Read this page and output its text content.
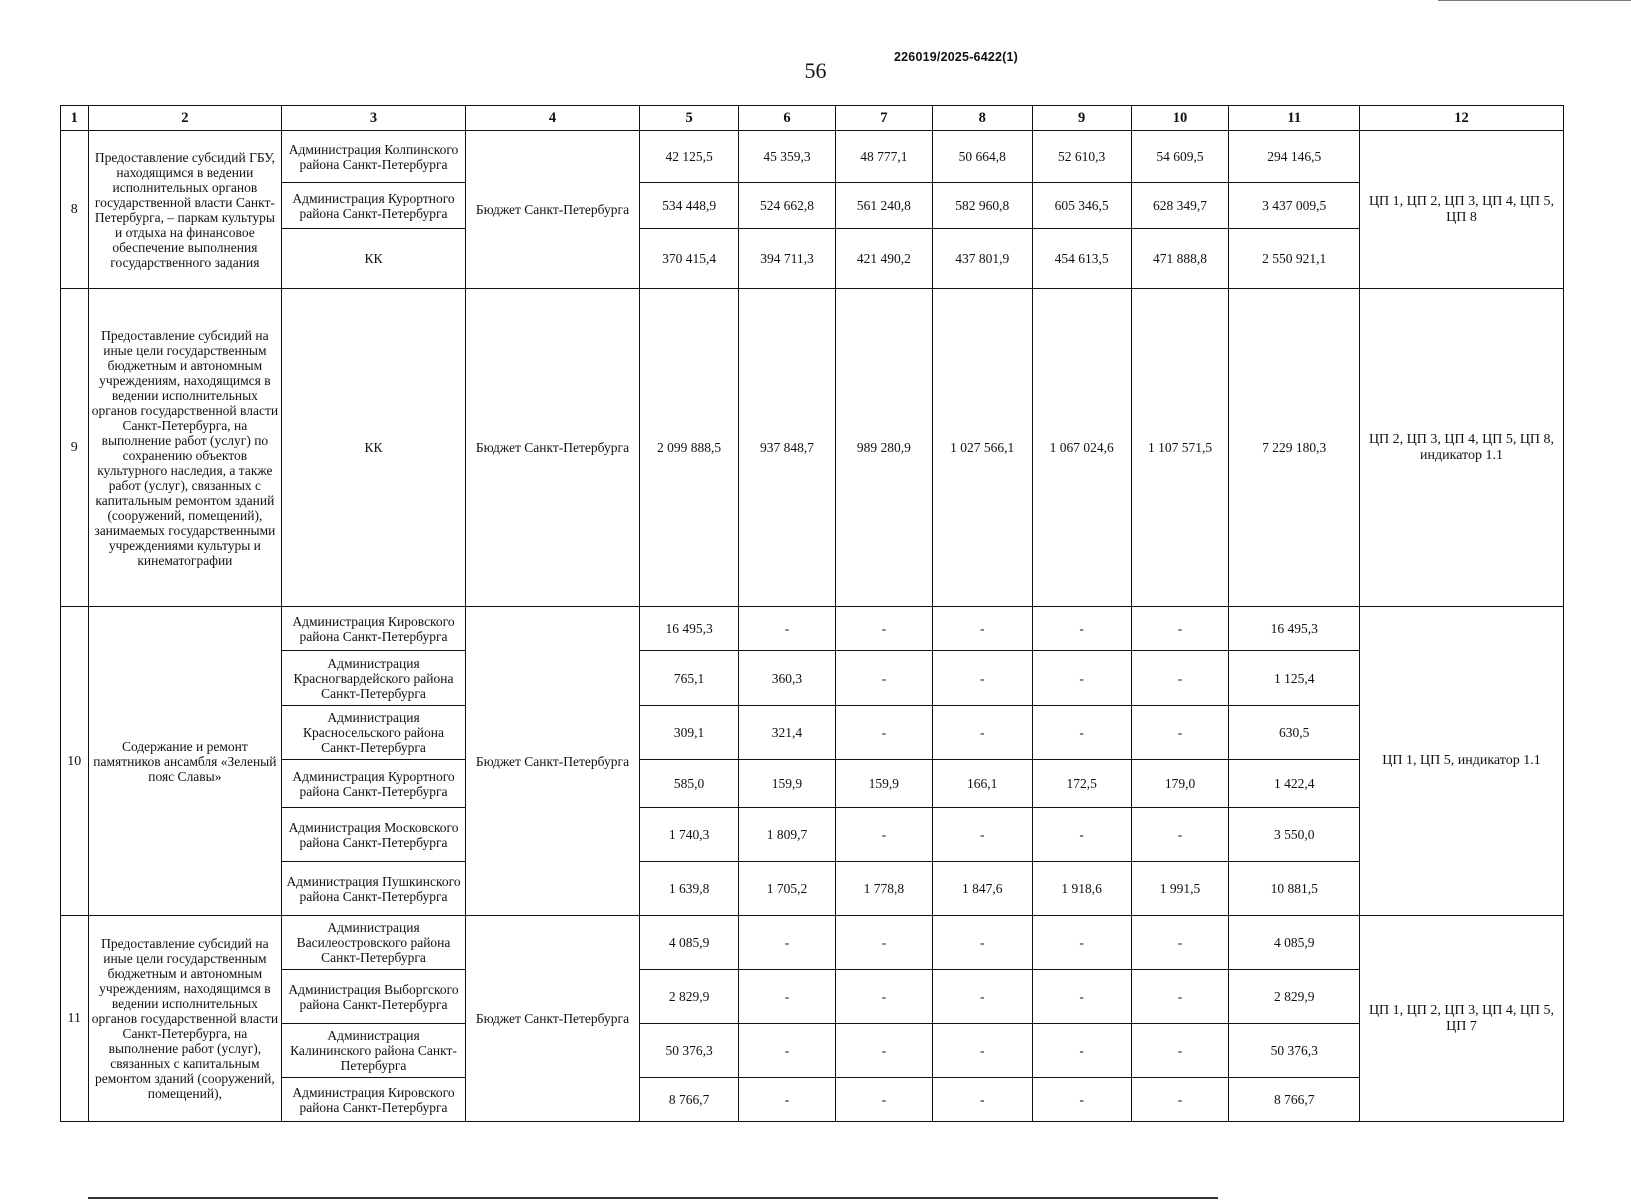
226019/2025-6422(1)
56
1	2	3	4	5	6	7	8	9	10	11	12
8	Предоставление субсидий ГБУ, находящимся в ведении исполнительных органов государственной власти Санкт-Петербурга, – паркам культуры и отдыха на финансовое обеспечение выполнения государственного задания	Администрация Колпинского района Санкт-Петербурга	Бюджет Санкт-Петербурга	42 125,5	45 359,3	48 777,1	50 664,8	52 610,3	54 609,5	294 146,5	ЦП 1, ЦП 2, ЦП 3, ЦП 4, ЦП 5, ЦП 8
		Администрация Курортного района Санкт-Петербурга		534 448,9	524 662,8	561 240,8	582 960,8	605 346,5	628 349,7	3 437 009,5	
		КК		370 415,4	394 711,3	421 490,2	437 801,9	454 613,5	471 888,8	2 550 921,1	
9	Предоставление субсидий на иные цели государственным бюджетным и автономным учреждениям, находящимся в ведении исполнительных органов государственной власти Санкт-Петербурга, на выполнение работ (услуг) по сохранению объектов культурного наследия, а также работ (услуг), связанных с капитальным ремонтом зданий (сооружений, помещений), занимаемых государственными учреждениями культуры и кинематографии	КК	Бюджет Санкт-Петербурга	2 099 888,5	937 848,7	989 280,9	1 027 566,1	1 067 024,6	1 107 571,5	7 229 180,3	ЦП 2, ЦП 3, ЦП 4, ЦП 5, ЦП 8, индикатор 1.1
10	Содержание и ремонт памятников ансамбля «Зеленый пояс Славы»	Администрация Кировского района Санкт-Петербурга	Бюджет Санкт-Петербурга	16 495,3	-	-	-	-	-	16 495,3	ЦП 1, ЦП 5, индикатор 1.1
		Администрация Красногвардейского района Санкт-Петербурга		765,1	360,3	-	-	-	-	1 125,4	
		Администрация Красносельского района Санкт-Петербурга		309,1	321,4	-	-	-	-	630,5	
		Администрация Курортного района Санкт-Петербурга		585,0	159,9	159,9	166,1	172,5	179,0	1 422,4	
		Администрация Московского района Санкт-Петербурга		1 740,3	1 809,7	-	-	-	-	3 550,0	
		Администрация Пушкинского района Санкт-Петербурга		1 639,8	1 705,2	1 778,8	1 847,6	1 918,6	1 991,5	10 881,5	
11	Предоставление субсидий на иные цели государственным бюджетным и автономным учреждениям, находящимся в ведении исполнительных органов государственной власти Санкт-Петербурга, на выполнение работ (услуг), связанных с капитальным ремонтом зданий (сооружений, помещений),	Администрация Василеостровского района Санкт-Петербурга	Бюджет Санкт-Петербурга	4 085,9	-	-	-	-	-	4 085,9	ЦП 1, ЦП 2, ЦП 3, ЦП 4, ЦП 5, ЦП 7
		Администрация Выборгского района Санкт-Петербурга		2 829,9	-	-	-	-	-	2 829,9	
		Администрация Калининского района Санкт-Петербурга		50 376,3	-	-	-	-	-	50 376,3	
		Администрация Кировского района Санкт-Петербурга		8 766,7	-	-	-	-	-	8 766,7	
